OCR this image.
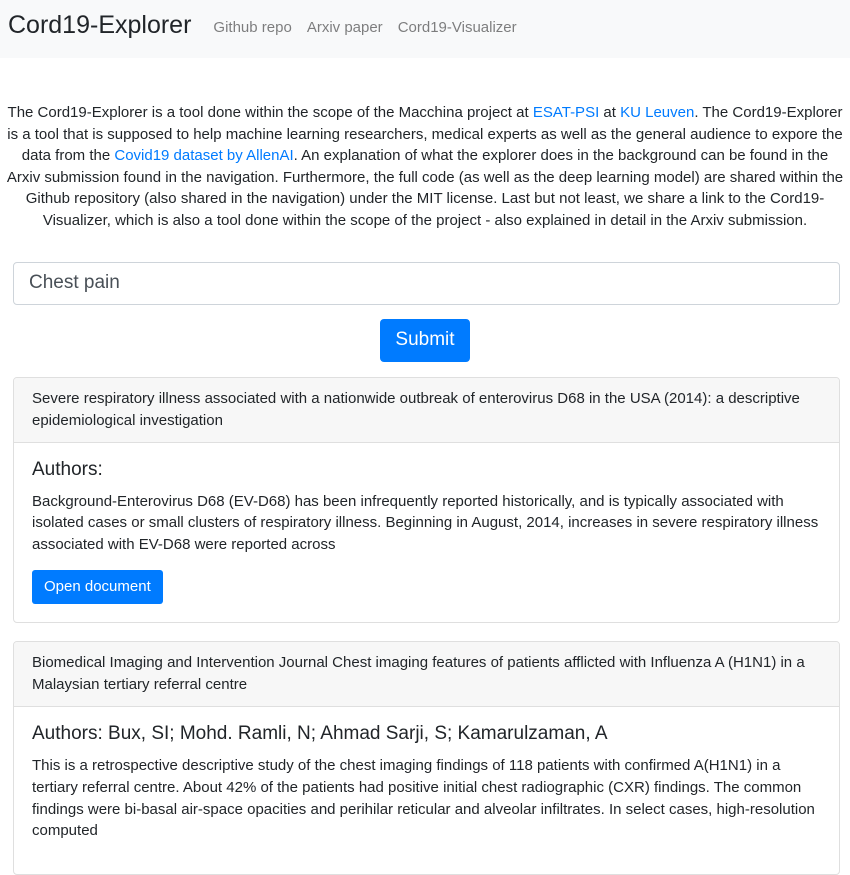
Cord19-Explorer Github repo Arxiv paper Cord19-Visualizer

The Cord19-Explorer is a tool done within the scope of the Macchina project at ESAT-PSI at KU Leuven. The Cord19-Explorer is a tool that is supposed to help machine learning researchers, medical experts as well as the general audience to expore the data from the Covid19 dataset by AllenAI. An explanation of what the explorer does in the background can be found in the Arxiv submission found in the navigation. Furthermore, the full code (as well as the deep learning model) are shared within the Github repository (also shared in the navigation) under the MIT license. Last but not least, we share a link to the Cord19-Visualizer, which is also a tool done within the scope of the project - also explained in detail in the Arxiv submission.

Chest pain
Submit
Severe respiratory illness associated with a nationwide outbreak of enterovirus D68 in the USA (2014): a descriptive epidemiological investigation
Authors:

Background-Enterovirus D68 (EV-D68) has been infrequently reported historically, and is typically associated with isolated cases or small clusters of respiratory illness. Beginning in August, 2014, increases in severe respiratory illness associated with EV-D68 were reported across

Open document
Biomedical Imaging and Intervention Journal Chest imaging features of patients afflicted with Influenza A (H1N1) in a Malaysian tertiary referral centre
Authors: Bux, SI; Mohd. Ramli, N; Ahmad Sarji, S; Kamarulzaman, A

This is a retrospective descriptive study of the chest imaging findings of 118 patients with confirmed A(H1N1) in a tertiary referral centre. About 42% of the patients had positive initial chest radiographic (CXR) findings. The common findings were bi-basal air-space opacities and perihilar reticular and alveolar infiltrates. In select cases, high-resolution computed
